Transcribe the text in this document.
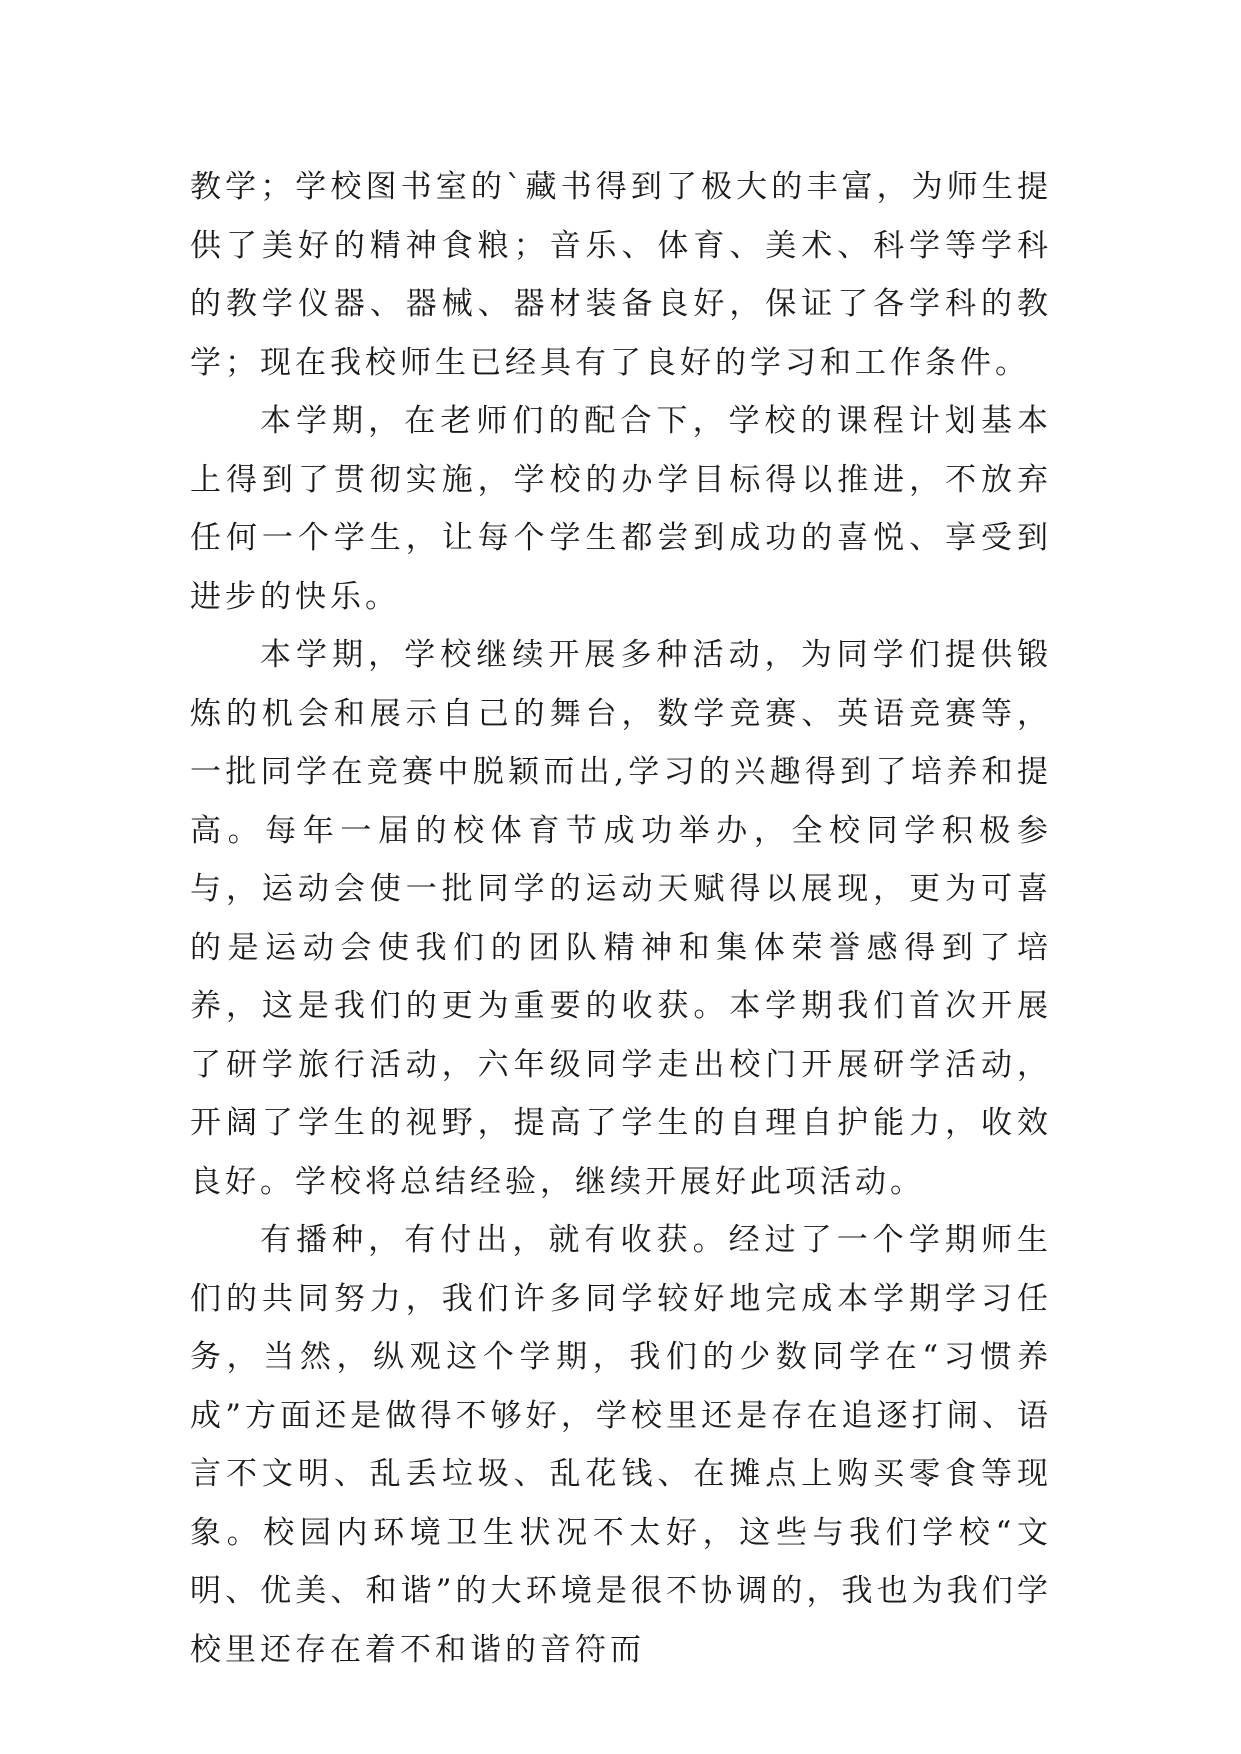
教学；学校图书室的`藏书得到了极大的丰富，为师生提供了美好的精神食粮；音乐、体育、美术、科学等学科的教学仪器、器械、器材装备良好，保证了各学科的教学；现在我校师生已经具有了良好的学习和工作条件。

本学期，在老师们的配合下，学校的课程计划基本上得到了贯彻实施，学校的办学目标得以推进，不放弃任何一个学生，让每个学生都尝到成功的喜悦、享受到进步的快乐。

本学期，学校继续开展多种活动，为同学们提供锻炼的机会和展示自己的舞台，数学竞赛、英语竞赛等，一批同学在竞赛中脱颖而出,学习的兴趣得到了培养和提高。每年一届的校体育节成功举办，全校同学积极参与，运动会使一批同学的运动天赋得以展现，更为可喜的是运动会使我们的团队精神和集体荣誉感得到了培养，这是我们的更为重要的收获。本学期我们首次开展了研学旅行活动，六年级同学走出校门开展研学活动，开阔了学生的视野，提高了学生的自理自护能力，收效良好。学校将总结经验，继续开展好此项活动。

有播种，有付出，就有收获。经过了一个学期师生们的共同努力，我们许多同学较好地完成本学期学习任务，当然，纵观这个学期，我们的少数同学在“习惯养成”方面还是做得不够好，学校里还是存在追逐打闹、语言不文明、乱丢垃圾、乱花钱、在摊点上购买零食等现象。校园内环境卫生状况不太好，这些与我们学校“文明、优美、和谐”的大环境是很不协调的，我也为我们学校里还存在着不和谐的音符而
